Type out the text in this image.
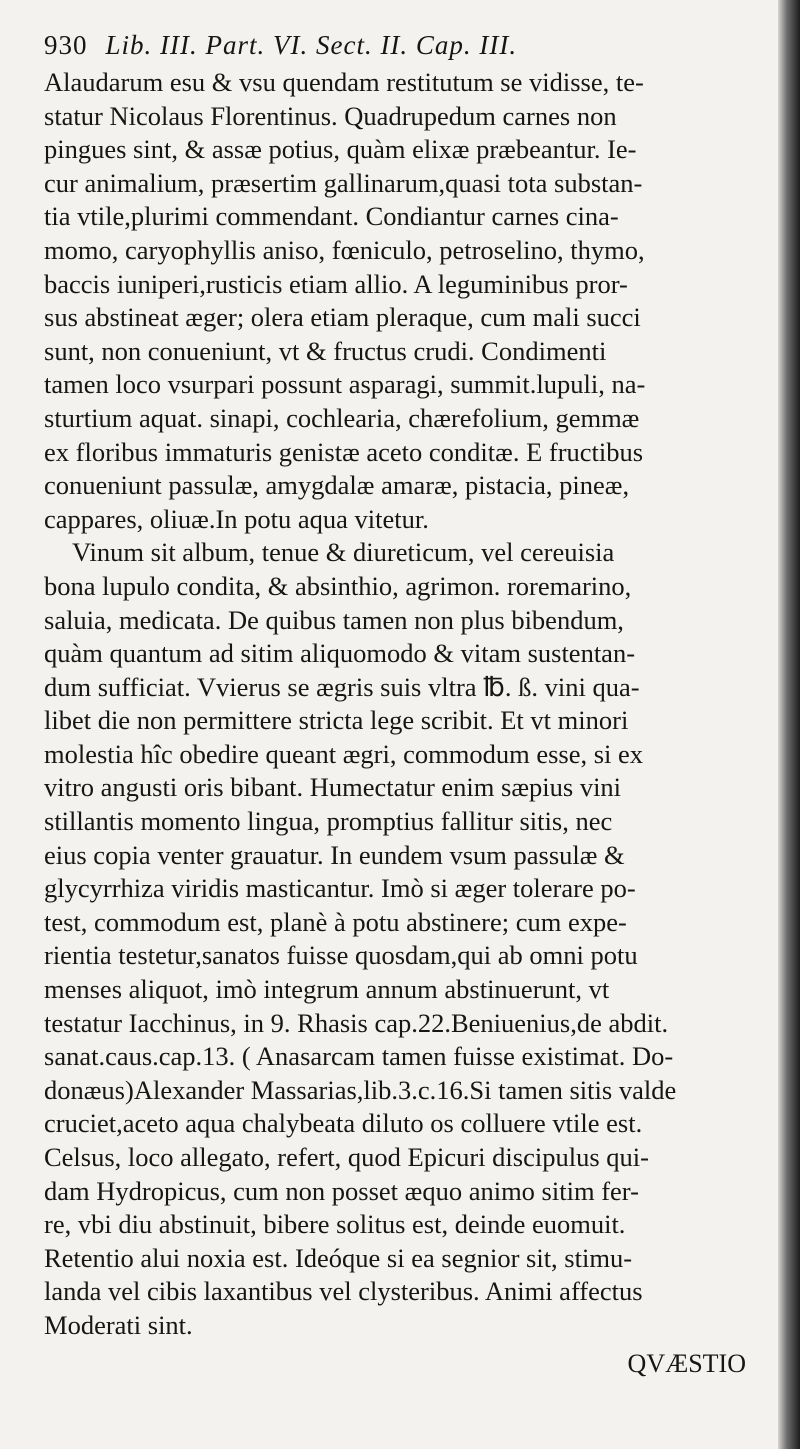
930 Lib. III. Part. VI. Sect. II. Cap. III.
Alaudarum esu & vsu quendam restitutum se vidisse, te-
statur Nicolaus Florentinus. Quadrupedum carnes non
pingues sint, & assæ potius, quàm elixæ præbeantur. Ie-
cur animalium, præsertim gallinarum,quasi tota substan-
tia vtile,plurimi commendant. Condiantur carnes cina-
momo, caryophyllis aniso, fœniculo, petroselino, thymo,
baccis iuniperi,rusticis etiam allio. A leguminibus pror-
sus abstineat æger; olera etiam pleraque, cum mali succi
sunt, non conueniunt, vt & fructus crudi. Condimenti
tamen loco vsurpari possunt asparagi, summit.lupuli, na-
sturtium aquat. sinapi, cochlearia, chærefolium, gemmæ
ex floribus immaturis genistæ aceto conditæ. E fructibus
conueniunt passulæ, amygdalæ amaræ, pistacia, pineæ,
cappares, oliuæ.In potu aqua vitetur.
Vinum sit album, tenue & diureticum, vel cereuisia
bona lupulo condita, & absinthio, agrimon. roremarino,
saluia, medicata. De quibus tamen non plus bibendum,
quàm quantum ad sitim aliquomodo & vitam sustentan-
dum sufficiat. Vvierus se ægris suis vltra ℔. ß. vini qua-
libet die non permittere stricta lege scribit. Et vt minori
molestia hîc obedire queant ægri, commodum esse, si ex
vitro angusti oris bibant. Humectatur enim sæpius vini
stillantis momento lingua, promptius fallitur sitis, nec
eius copia venter grauatur. In eundem vsum passulæ &
glycyrrhiza viridis masticantur. Imò si æger tolerare po-
test, commodum est, planè à potu abstinere; cum expe-
rientia testetur,sanatos fuisse quosdam,qui ab omni potu
menses aliquot, imò integrum annum abstinuerunt, vt
testatur Iacchinus, in 9. Rhasis cap.22.Beniuenius,de abdit.
sanat.caus.cap.13. ( Anasarcam tamen fuisse existimat. Do-
donæus)Alexander Massarias,lib.3.c.16.Si tamen sitis valde
cruciet,aceto aqua chalybeata diluto os colluere vtile est.
Celsus, loco allegato, refert, quod Epicuri discipulus qui-
dam Hydropicus, cum non posset æquo animo sitim fer-
re, vbi diu abstinuit, bibere solitus est, deinde euomuit.
Retentio alui noxia est. Ideóque si ea segnior sit, stimu-
landa vel cibis laxantibus vel clysteribus. Animi affectus
Moderati sint.
QVÆSTIO
